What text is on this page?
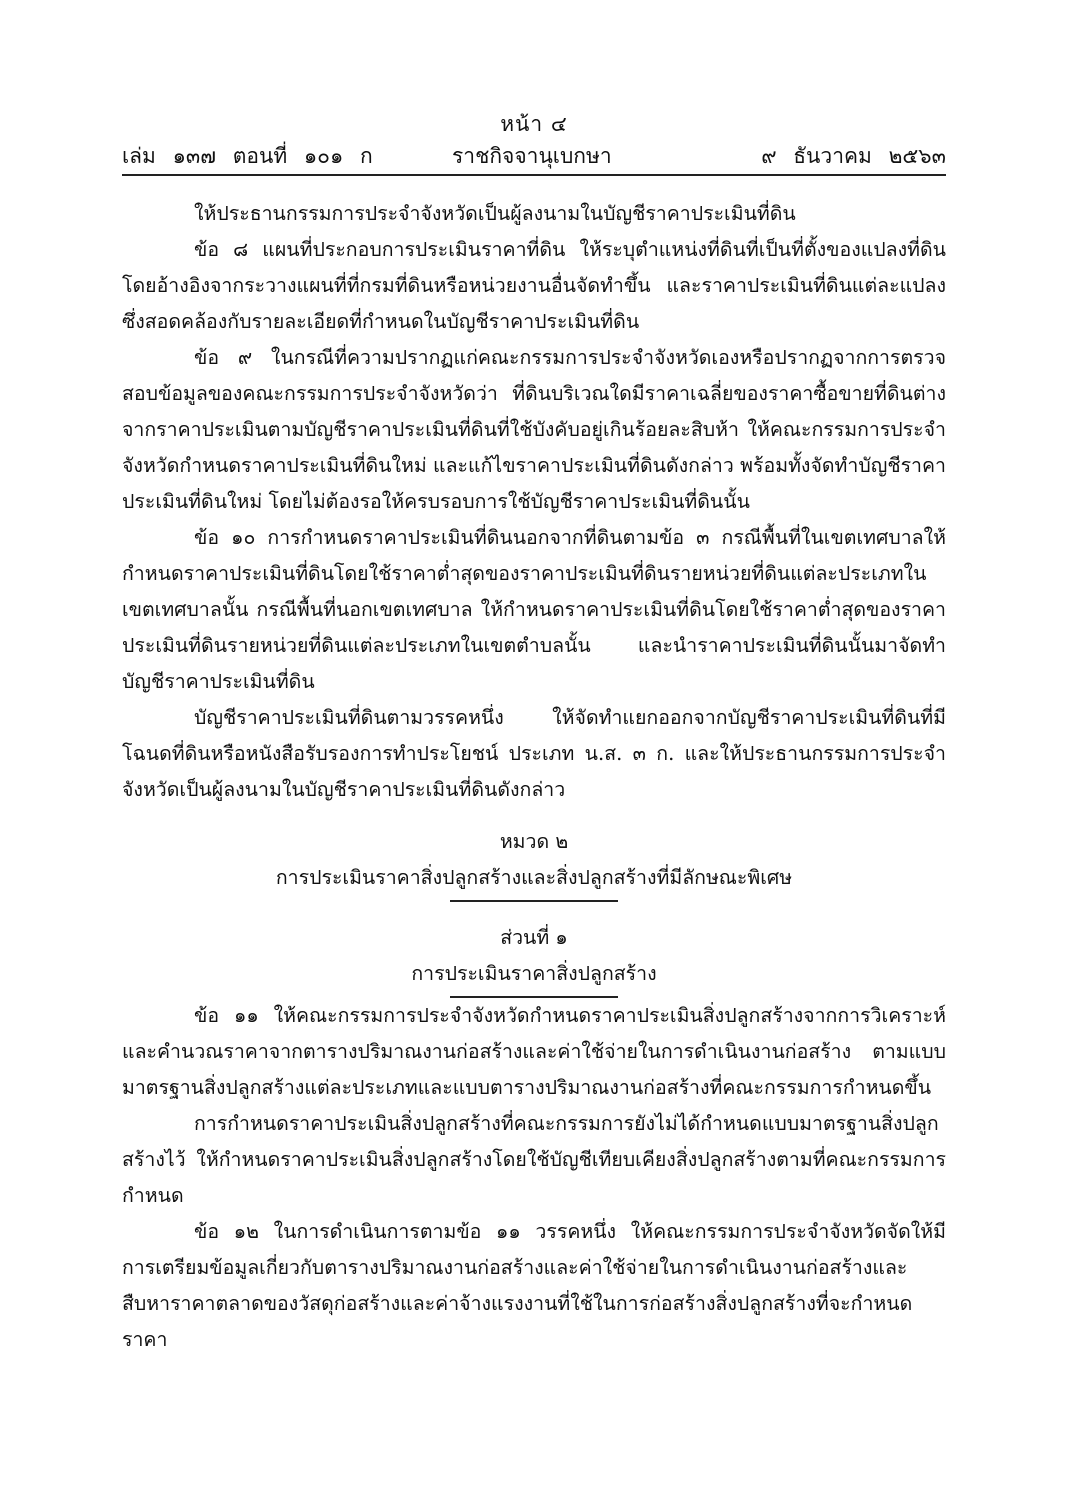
หน้า ๔
เล่ม ๑๓๗ ตอนที่ ๑๐๑ ก	ราชกิจจานุเบกษา	๙ ธันวาคม ๒๕๖๓

ให้ประธานกรรมการประจำจังหวัดเป็นผู้ลงนามในบัญชีราคาประเมินที่ดิน

ข้อ ๘ แผนที่ประกอบการประเมินราคาที่ดิน ให้ระบุตำแหน่งที่ดินที่เป็นที่ตั้งของแปลงที่ดินโดยอ้างอิงจากระวางแผนที่ที่กรมที่ดินหรือหน่วยงานอื่นจัดทำขึ้น และราคาประเมินที่ดินแต่ละแปลงซึ่งสอดคล้องกับรายละเอียดที่กำหนดในบัญชีราคาประเมินที่ดิน

ข้อ ๙ ในกรณีที่ความปรากฏแก่คณะกรรมการประจำจังหวัดเองหรือปรากฏจากการตรวจสอบข้อมูลของคณะกรรมการประจำจังหวัดว่า ที่ดินบริเวณใดมีราคาเฉลี่ยของราคาซื้อขายที่ดินต่างจากราคาประเมินตามบัญชีราคาประเมินที่ดินที่ใช้บังคับอยู่เกินร้อยละสิบห้า ให้คณะกรรมการประจำจังหวัดกำหนดราคาประเมินที่ดินใหม่ และแก้ไขราคาประเมินที่ดินดังกล่าว พร้อมทั้งจัดทำบัญชีราคาประเมินที่ดินใหม่ โดยไม่ต้องรอให้ครบรอบการใช้บัญชีราคาประเมินที่ดินนั้น

ข้อ ๑๐ การกำหนดราคาประเมินที่ดินนอกจากที่ดินตามข้อ ๓ กรณีพื้นที่ในเขตเทศบาลให้กำหนดราคาประเมินที่ดินโดยใช้ราคาต่ำสุดของราคาประเมินที่ดินรายหน่วยที่ดินแต่ละประเภทในเขตเทศบาลนั้น กรณีพื้นที่นอกเขตเทศบาล ให้กำหนดราคาประเมินที่ดินโดยใช้ราคาต่ำสุดของราคาประเมินที่ดินรายหน่วยที่ดินแต่ละประเภทในเขตตำบลนั้น และนำราคาประเมินที่ดินนั้นมาจัดทำบัญชีราคาประเมินที่ดิน

บัญชีราคาประเมินที่ดินตามวรรคหนึ่ง ให้จัดทำแยกออกจากบัญชีราคาประเมินที่ดินที่มีโฉนดที่ดินหรือหนังสือรับรองการทำประโยชน์ ประเภท น.ส. ๓ ก. และให้ประธานกรรมการประจำจังหวัดเป็นผู้ลงนามในบัญชีราคาประเมินที่ดินดังกล่าว

หมวด ๒
การประเมินราคาสิ่งปลูกสร้างและสิ่งปลูกสร้างที่มีลักษณะพิเศษ
ส่วนที่ ๑
การประเมินราคาสิ่งปลูกสร้าง

ข้อ ๑๑ ให้คณะกรรมการประจำจังหวัดกำหนดราคาประเมินสิ่งปลูกสร้างจากการวิเคราะห์และคำนวณราคาจากตารางปริมาณงานก่อสร้างและค่าใช้จ่ายในการดำเนินงานก่อสร้าง ตามแบบมาตรฐานสิ่งปลูกสร้างแต่ละประเภทและแบบตารางปริมาณงานก่อสร้างที่คณะกรรมการกำหนดขึ้น

การกำหนดราคาประเมินสิ่งปลูกสร้างที่คณะกรรมการยังไม่ได้กำหนดแบบมาตรฐานสิ่งปลูกสร้างไว้ ให้กำหนดราคาประเมินสิ่งปลูกสร้างโดยใช้บัญชีเทียบเคียงสิ่งปลูกสร้างตามที่คณะกรรมการกำหนด

ข้อ ๑๒ ในการดำเนินการตามข้อ ๑๑ วรรคหนึ่ง ให้คณะกรรมการประจำจังหวัดจัดให้มีการเตรียมข้อมูลเกี่ยวกับตารางปริมาณงานก่อสร้างและค่าใช้จ่ายในการดำเนินงานก่อสร้างและสืบหาราคาตลาดของวัสดุก่อสร้างและค่าจ้างแรงงานที่ใช้ในการก่อสร้างสิ่งปลูกสร้างที่จะกำหนดราคา
